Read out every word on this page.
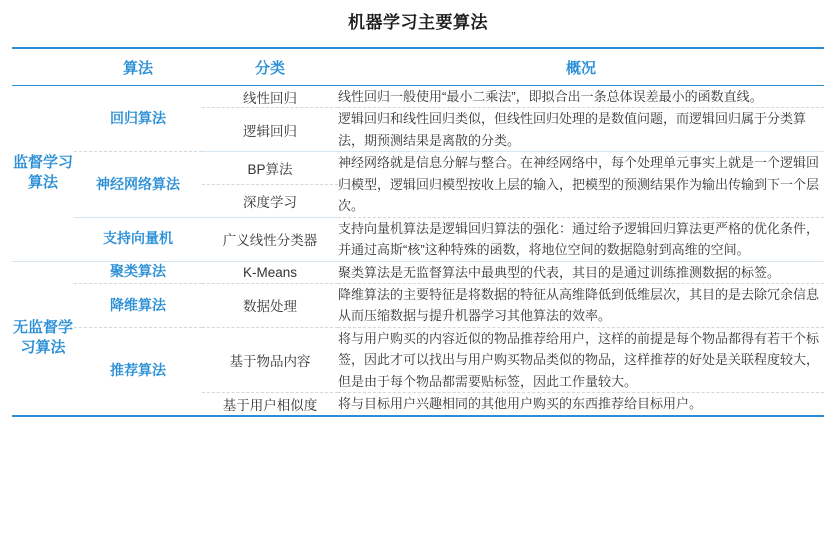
机器学习主要算法
	算法	分类	概况
监督学习算法	回归算法	线性回归	线性回归一般使用“最小二乘法”，即拟合出一条总体误差最小的函数直线。
		逻辑回归	逻辑回归和线性回归类似，但线性回归处理的是数值问题，而逻辑回归属于分类算法，期预测结果是离散的分类。
	神经网络算法	BP算法	神经网络就是信息分解与整合。在神经网络中，每个处理单元事实上就是一个逻辑回归模型，逻辑回归模型按收上层的输入，把模型的预测结果作为输出传输到下一个层次。
		深度学习	
	支持向量机	广义线性分类器	支持向量机算法是逻辑回归算法的强化：通过给予逻辑回归算法更严格的优化条件，并通过高斯“核”这种特殊的函数，将地位空间的数据隐射到高维的空间。
无监督学习算法	聚类算法	K-Means	聚类算法是无监督算法中最典型的代表，其目的是通过训练推测数据的标签。
	降维算法	数据处理	降维算法的主要特征是将数据的特征从高维降低到低维层次，其目的是去除冗余信息从而压缩数据与提升机器学习其他算法的效率。
	推荐算法	基于物品内容	将与用户购买的内容近似的物品推荐给用户，这样的前提是每个物品都得有若干个标签，因此才可以找出与用户购买物品类似的物品，这样推荐的好处是关联程度较大，但是由于每个物品都需要贴标签，因此工作量较大。
		基于用户相似度	将与目标用户兴趣相同的其他用户购买的东西推荐给目标用户。
